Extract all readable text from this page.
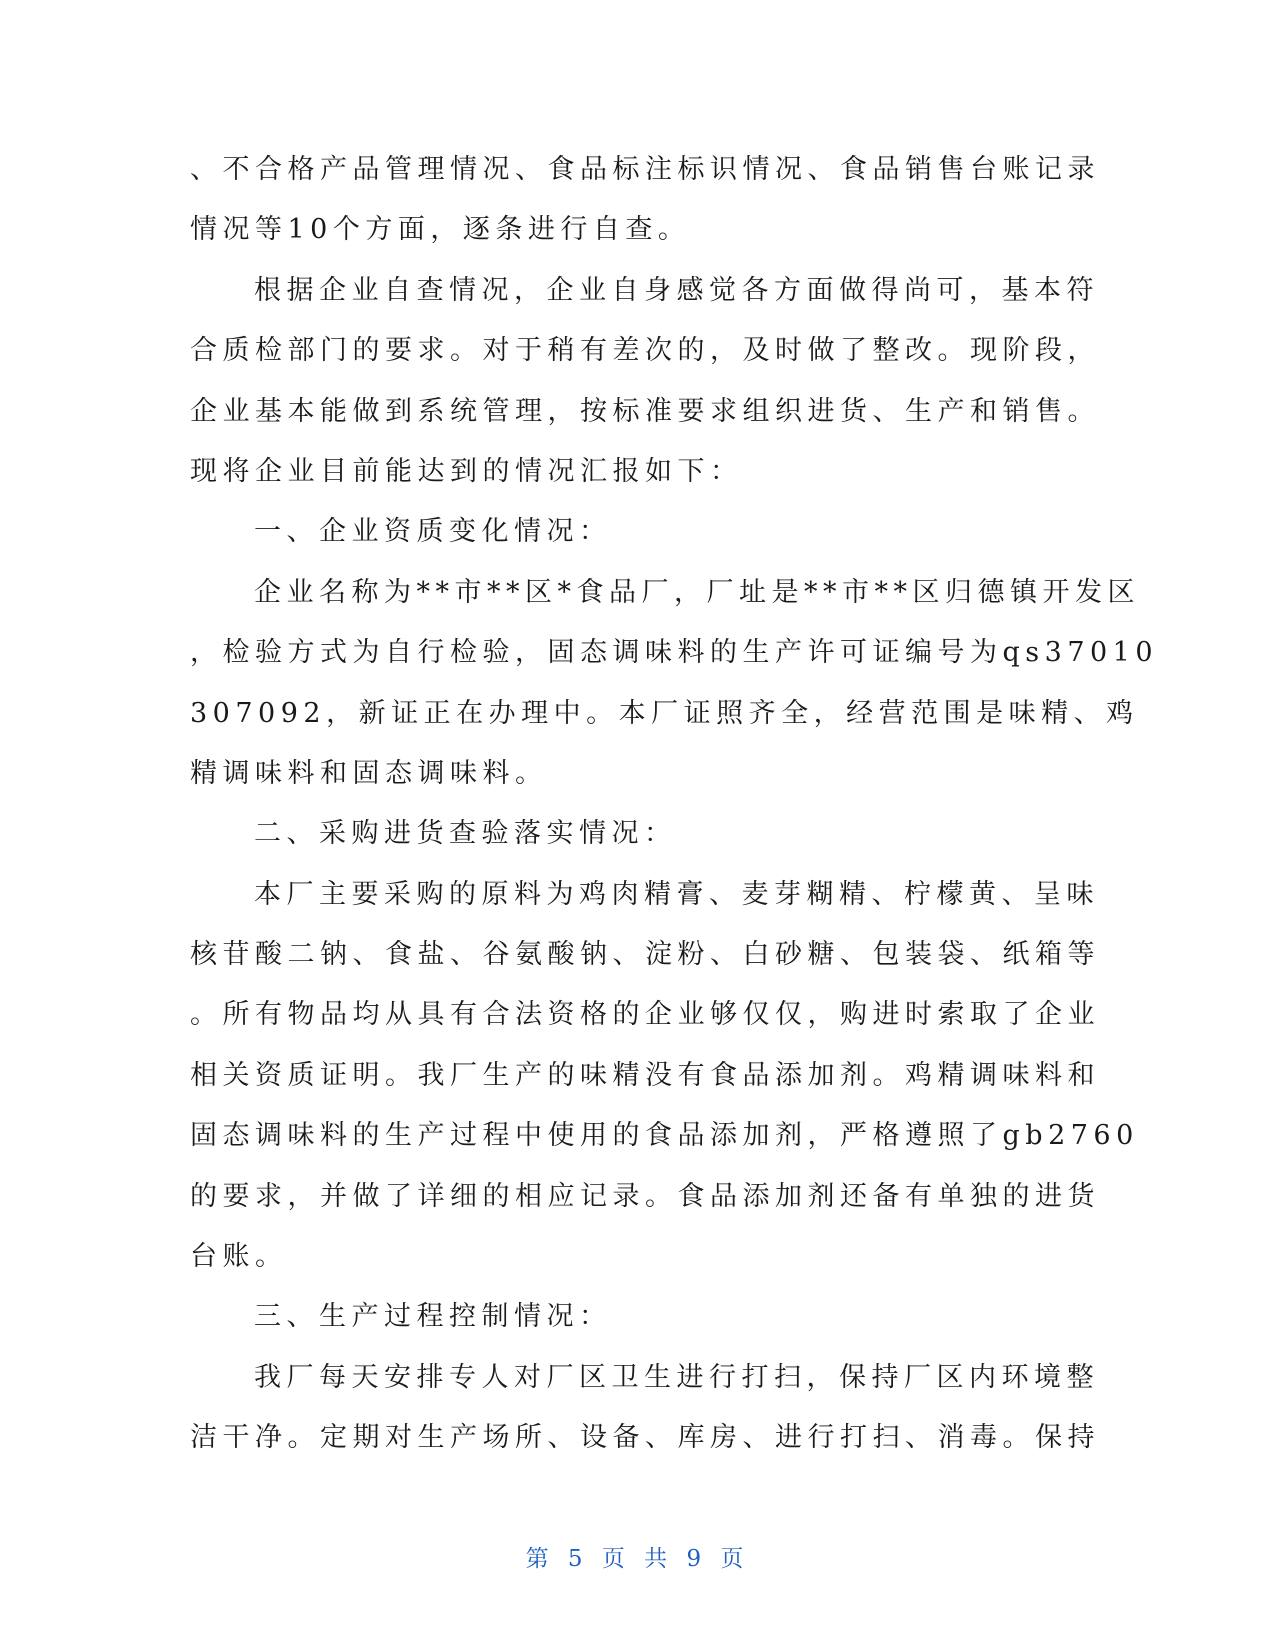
、不合格产品管理情况、食品标注标识情况、食品销售台账记录
情况等10个方面，逐条进行自查。
根据企业自查情况，企业自身感觉各方面做得尚可，基本符
合质检部门的要求。对于稍有差次的，及时做了整改。现阶段，
企业基本能做到系统管理，按标准要求组织进货、生产和销售。
现将企业目前能达到的情况汇报如下：
一、企业资质变化情况：
企业名称为**市**区*食品厂，厂址是**市**区归德镇开发区
，检验方式为自行检验，固态调味料的生产许可证编号为qs37010
307092，新证正在办理中。本厂证照齐全，经营范围是味精、鸡
精调味料和固态调味料。
二、采购进货查验落实情况：
本厂主要采购的原料为鸡肉精膏、麦芽糊精、柠檬黄、呈味
核苷酸二钠、食盐、谷氨酸钠、淀粉、白砂糖、包装袋、纸箱等
。所有物品均从具有合法资格的企业够仅仅，购进时索取了企业
相关资质证明。我厂生产的味精没有食品添加剂。鸡精调味料和
固态调味料的生产过程中使用的食品添加剂，严格遵照了gb2760
的要求，并做了详细的相应记录。食品添加剂还备有单独的进货
台账。
三、生产过程控制情况：
我厂每天安排专人对厂区卫生进行打扫，保持厂区内环境整
洁干净。定期对生产场所、设备、库房、进行打扫、消毒。保持
第 5 页 共 9 页
